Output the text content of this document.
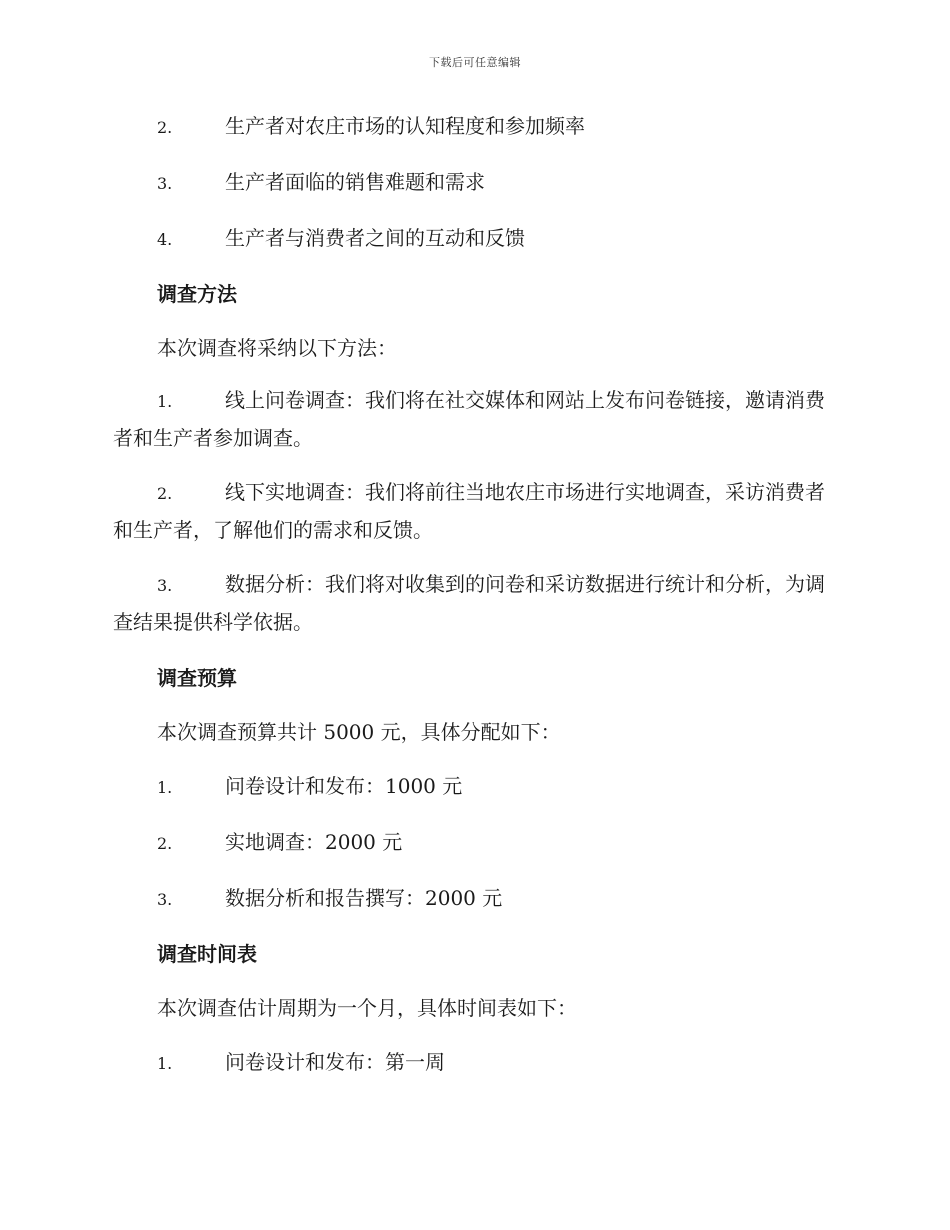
下载后可任意编辑
2.	生产者对农庄市场的认知程度和参加频率
3.	生产者面临的销售难题和需求
4.	生产者与消费者之间的互动和反馈
调查方法
本次调查将采纳以下方法：
1.	线上问卷调查：我们将在社交媒体和网站上发布问卷链接，邀请消费者和生产者参加调查。
2.	线下实地调查：我们将前往当地农庄市场进行实地调查，采访消费者和生产者，了解他们的需求和反馈。
3.	数据分析：我们将对收集到的问卷和采访数据进行统计和分析，为调查结果提供科学依据。
调查预算
本次调查预算共计 5000 元，具体分配如下：
1.	问卷设计和发布：1000 元
2.	实地调查：2000 元
3.	数据分析和报告撰写：2000 元
调查时间表
本次调查估计周期为一个月，具体时间表如下：
1.	问卷设计和发布：第一周
